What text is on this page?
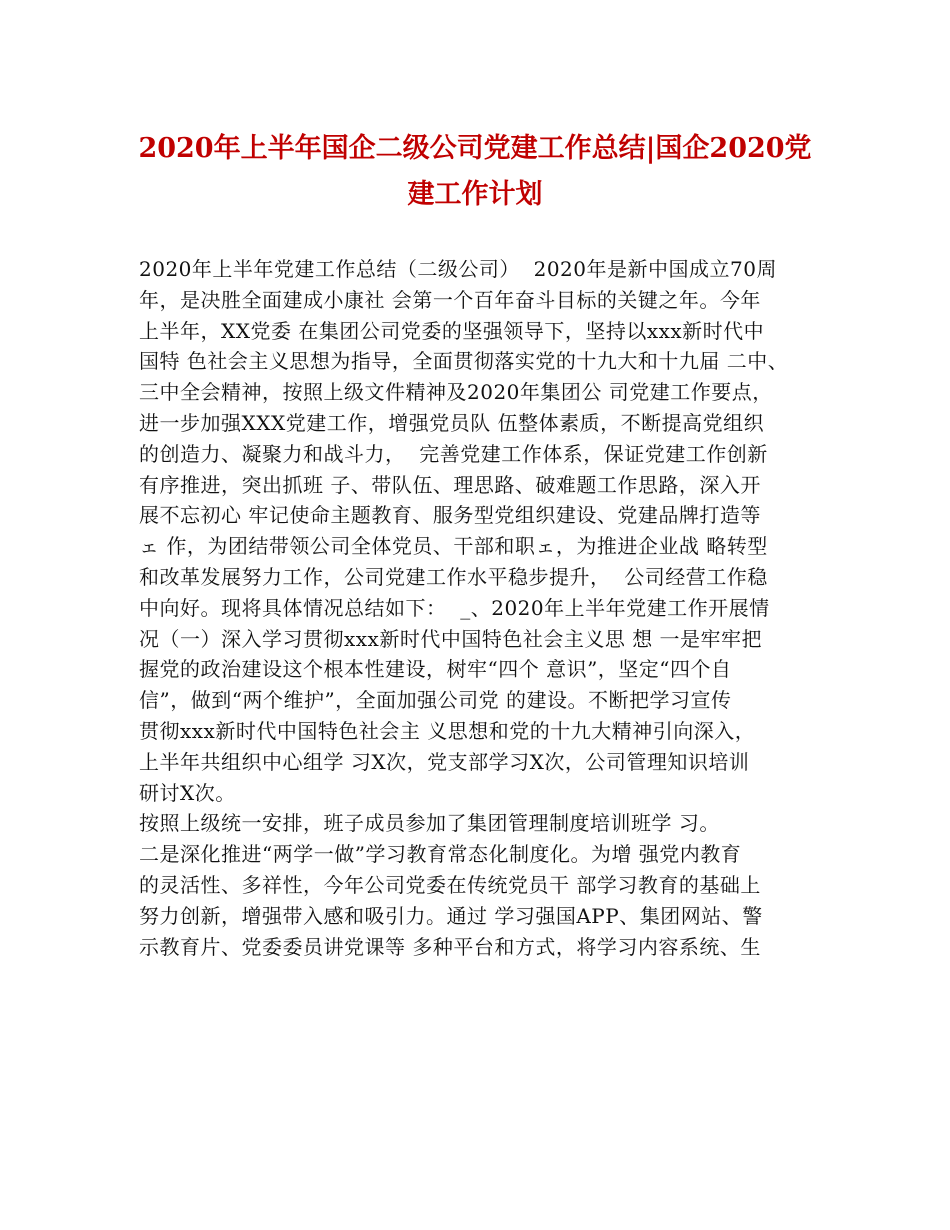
2020年上半年国企二级公司党建工作总结|国企2020党
建工作计划
2020年上半年党建工作总结（二级公司）  2020年是新中国成立70周
年，是决胜全面建成小康社 会第一个百年奋斗目标的关键之年。今年
上半年，XX党委 在集团公司党委的坚强领导下，坚持以xxx新时代中
国特 色社会主义思想为指导，全面贯彻落实党的十九大和十九届 二中、
三中全会精神，按照上级文件精神及2020年集团公 司党建工作要点，
进一步加强XXX党建工作，增强党员队 伍整体素质，不断提高党组织
的创造力、凝聚力和战斗力，  完善党建工作体系，保证党建工作创新
有序推进，突出抓班 子、带队伍、理思路、破难题工作思路，深入开
展不忘初心 牢记使命主题教育、服务型党组织建设、党建品牌打造等
ェ 作，为团结带领公司全体党员、干部和职ェ，为推进企业战 略转型
和改革发展努力工作，公司党建工作水平稳步提升，  公司经营工作稳
中向好。现将具体情况总结如下：  _、2020年上半年党建工作开展情
况（一）深入学习贯彻xxx新时代中国特色社会主义思 想 一是牢牢把
握党的政治建设这个根本性建设，树牢“四个 意识”，坚定“四个自
信”，做到“两个维护”，全面加强公司党 的建设。不断把学习宣传
贯彻xxx新时代中国特色社会主 义思想和党的十九大精神引向深入，
上半年共组织中心组学 习X次，党支部学习X次，公司管理知识培训
研讨X次。
按照上级统一安排，班子成员参加了集团管理制度培训班学 习。
二是深化推进“两学一做”学习教育常态化制度化。为增 强党内教育
的灵活性、多祥性，今年公司党委在传统党员干 部学习教育的基础上
努力创新，增强带入感和吸引力。通过 学习强国APP、集团网站、警
示教育片、党委委员讲党课等 多种平台和方式，将学习内容系统、生
